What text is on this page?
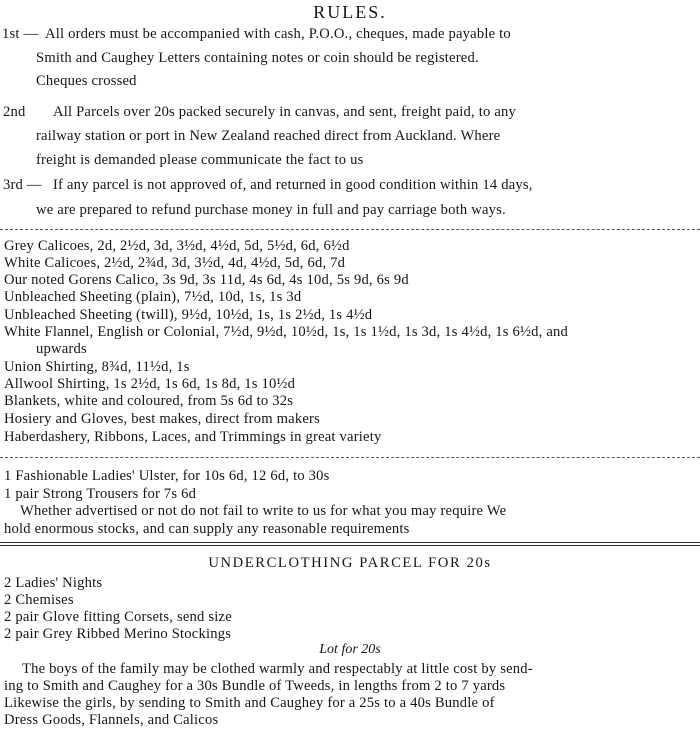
RULES.
1st — All orders must be accompanied with cash, P.O.O., cheques, made payable to
Smith and Caughey Letters containing notes or coin should be registered.
Cheques crossed
2nd All Parcels over 20s packed securely in canvas, and sent, freight paid, to any
railway station or port in New Zealand reached direct from Auckland. Where
freight is demanded please communicate the fact to us
3rd — If any parcel is not approved of, and returned in good condition within 14 days,
we are prepared to refund purchase money in full and pay carriage both ways.
Grey Calicoes, 2d, 2½d, 3d, 3½d, 4½d, 5d, 5½d, 6d, 6½d
White Calicoes, 2½d, 2¾d, 3d, 3½d, 4d, 4½d, 5d, 6d, 7d
Our noted Gorens Calico, 3s 9d, 3s 11d, 4s 6d, 4s 10d, 5s 9d, 6s 9d
Unbleached Sheeting (plain), 7½d, 10d, 1s, 1s 3d
Unbleached Sheeting (twill), 9½d, 10½d, 1s, 1s 2½d, 1s 4½d
White Flannel, English or Colonial, 7½d, 9½d, 10½d, 1s, 1s 1½d, 1s 3d, 1s 4½d, 1s 6½d, and
upwards
Union Shirting, 8¾d, 11½d, 1s
Allwool Shirting, 1s 2½d, 1s 6d, 1s 8d, 1s 10½d
Blankets, white and coloured, from 5s 6d to 32s
Hosiery and Gloves, best makes, direct from makers
Haberdashery, Ribbons, Laces, and Trimmings in great variety
1 Fashionable Ladies' Ulster, for 10s 6d, 12 6d, to 30s
1 pair Strong Trousers for 7s 6d
Whether advertised or not do not fail to write to us for what you may require We
hold enormous stocks, and can supply any reasonable requirements
UNDERCLOTHING PARCEL FOR 20s
2 Ladies' Nights
2 Chemises
2 pair Glove fitting Corsets, send size
2 pair Grey Ribbed Merino Stockings
Lot for 20s
The boys of the family may be clothed warmly and respectably at little cost by send-
ing to Smith and Caughey for a 30s Bundle of Tweeds, in lengths from 2 to 7 yards
Likewise the girls, by sending to Smith and Caughey for a 25s to a 40s Bundle of
Dress Goods, Flannels, and Calicos
